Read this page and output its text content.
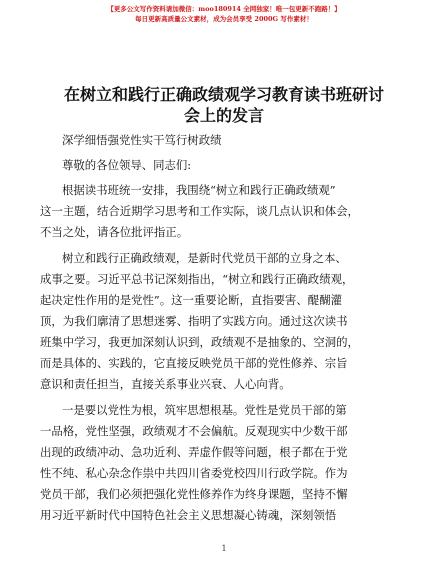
【更多公文写作资料请加微信：moo180914 全网独家！唯一包更新不跑路！】
每日更新高质量公文素材，成为会员享受 2000G 写作素材！
在树立和践行正确政绩观学习教育读书班研讨
会上的发言
深学细悟强党性实干笃行树政绩
尊敬的各位领导、同志们:
根据读书班统一安排，我围绕“树立和践行正确政绩观”
这一主题，结合近期学习思考和工作实际，谈几点认识和体会，
不当之处，请各位批评指正。
树立和践行正确政绩观，是新时代党员干部的立身之本、
成事之要。习近平总书记深刻指出，“树立和践行正确政绩观，
起决定性作用的是党性”。这一重要论断，直指要害、醍醐灌
顶，为我们廓清了思想迷雾、指明了实践方向。通过这次读书
班集中学习，我更加深刻认识到，政绩观不是抽象的、空洞的，
而是具体的、实践的，它直接反映党员干部的党性修养、宗旨
意识和责任担当，直接关系事业兴衰、人心向背。
一是要以党性为根，筑牢思想根基。党性是党员干部的第
一品格，党性坚强，政绩观才不会偏航。反观现实中少数干部
出现的政绩冲动、急功近利、弄虚作假等问题，根子都在于党
性不纯、私心杂念作祟中共四川省委党校四川行政学院。作为
党员干部，我们必须把强化党性修养作为终身课题，坚持不懈
用习近平新时代中国特色社会主义思想凝心铸魂，深刻领悟
1
